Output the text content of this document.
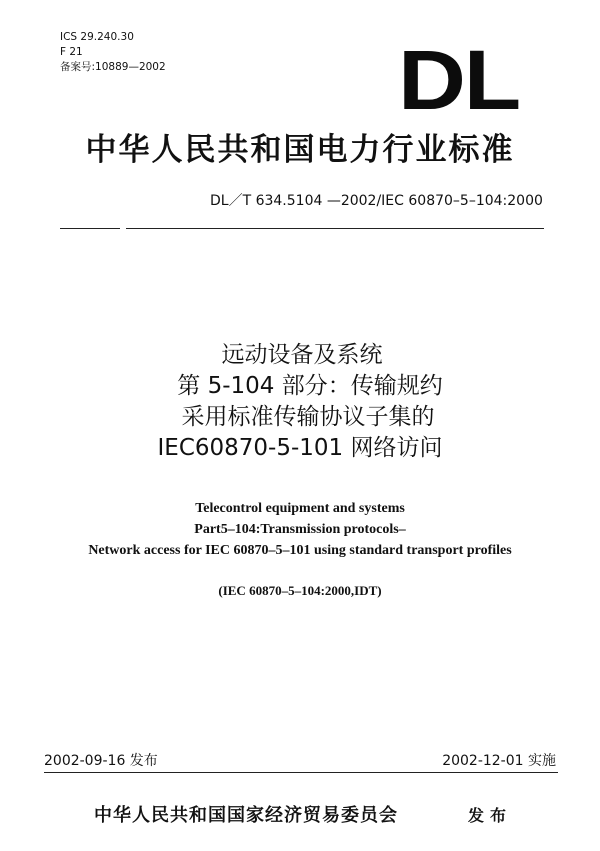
ICS 29.240.30
F 21
备案号:10889—2002	DL
中华人民共和国电力行业标准
DL／T 634.5104 —2002/IEC 60870–5–104:2000
远动设备及系统
第 5-104 部分：传输规约
采用标准传输协议子集的
IEC60870-5-101 网络访问
Telecontrol equipment and systems
Part5–104:Transmission protocols–
Network access for IEC 60870–5–101 using standard transport profiles
(IEC 60870–5–104:2000,IDT)
2002-09-16 发布	2002-12-01 实施
中华人民共和国国家经济贸易委员会	发布
